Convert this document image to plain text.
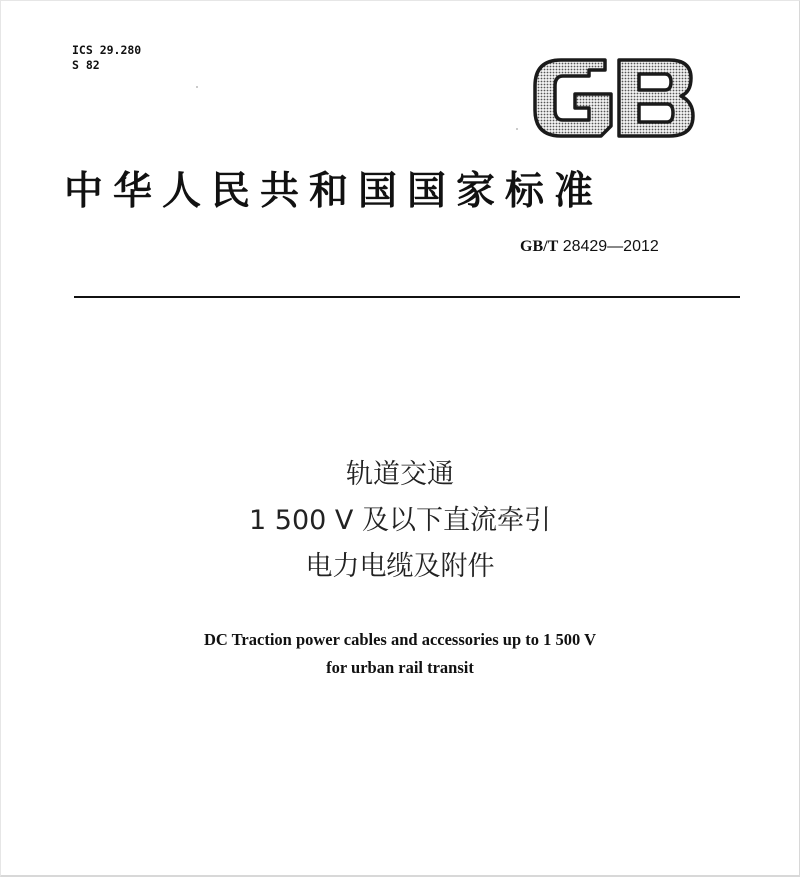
ICS 29.280
S 82
中华人民共和国国家标准
GB/T 28429—2012
轨道交通
1 500 V 及以下直流牵引
电力电缆及附件
DC Traction power cables and accessories up to 1 500 V
for urban rail transit
